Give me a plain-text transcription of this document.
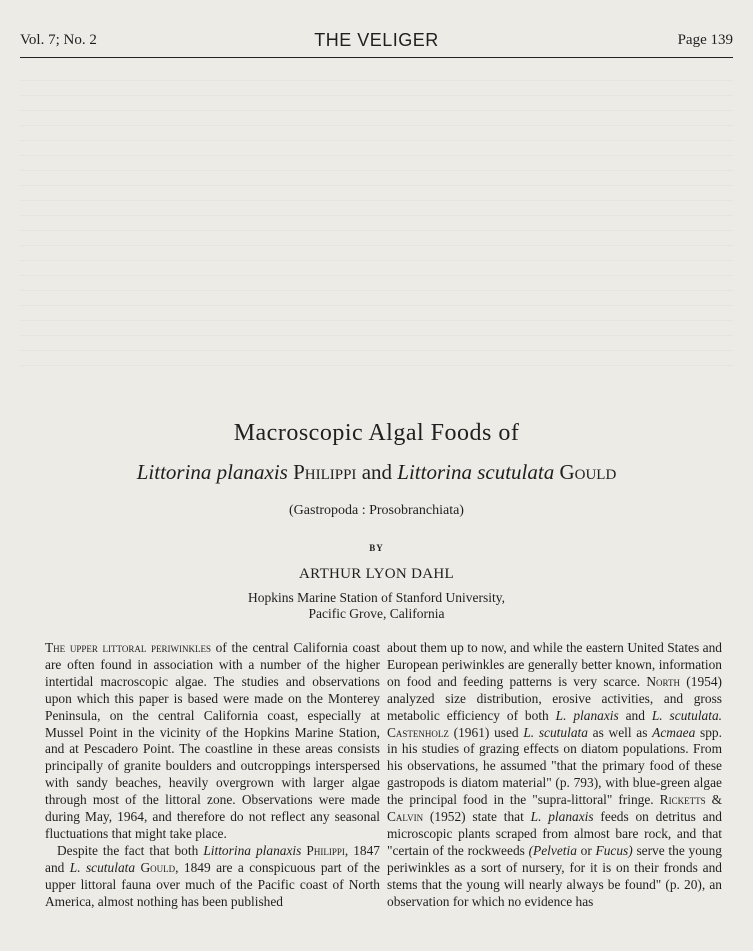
Vol. 7; No. 2	THE VELIGER	Page 139
Macroscopic Algal Foods of
Littorina planaxis Philippi and Littorina scutulata Gould
(Gastropoda : Prosobranchiata)
BY
ARTHUR LYON DAHL
Hopkins Marine Station of Stanford University,
Pacific Grove, California

The upper littoral periwinkles of the central California coast are often found in association with a number of the higher intertidal macroscopic algae. The studies and observations upon which this paper is based were made on the Monterey Peninsula, on the central California coast, especially at Mussel Point in the vicinity of the Hopkins Marine Station, and at Pescadero Point. The coastline in these areas consists principally of granite boulders and outcroppings interspersed with sandy beaches, heavily overgrown with larger algae through most of the littoral zone. Observations were made during May, 1964, and therefore do not reflect any seasonal fluctuations that might take place.

Despite the fact that both Littorina planaxis Philippi, 1847 and L. scutulata Gould, 1849 are a conspicuous part of the upper littoral fauna over much of the Pacific coast of North America, almost nothing has been published

about them up to now, and while the eastern United States and European periwinkles are generally better known, information on food and feeding patterns is very scarce. North (1954) analyzed size distribution, erosive activities, and gross metabolic efficiency of both L. planaxis and L. scutulata. Castenholz (1961) used L. scutulata as well as Acmaea spp. in his studies of grazing effects on diatom populations. From his observations, he assumed "that the primary food of these gastropods is diatom material" (p. 793), with blue-green algae the principal food in the "supra-littoral" fringe. Ricketts & Calvin (1952) state that L. planaxis feeds on detritus and microscopic plants scraped from almost bare rock, and that "certain of the rockweeds (Pelvetia or Fucus) serve the young periwinkles as a sort of nursery, for it is on their fronds and stems that the young will nearly always be found" (p. 20), an observation for which no evidence has
